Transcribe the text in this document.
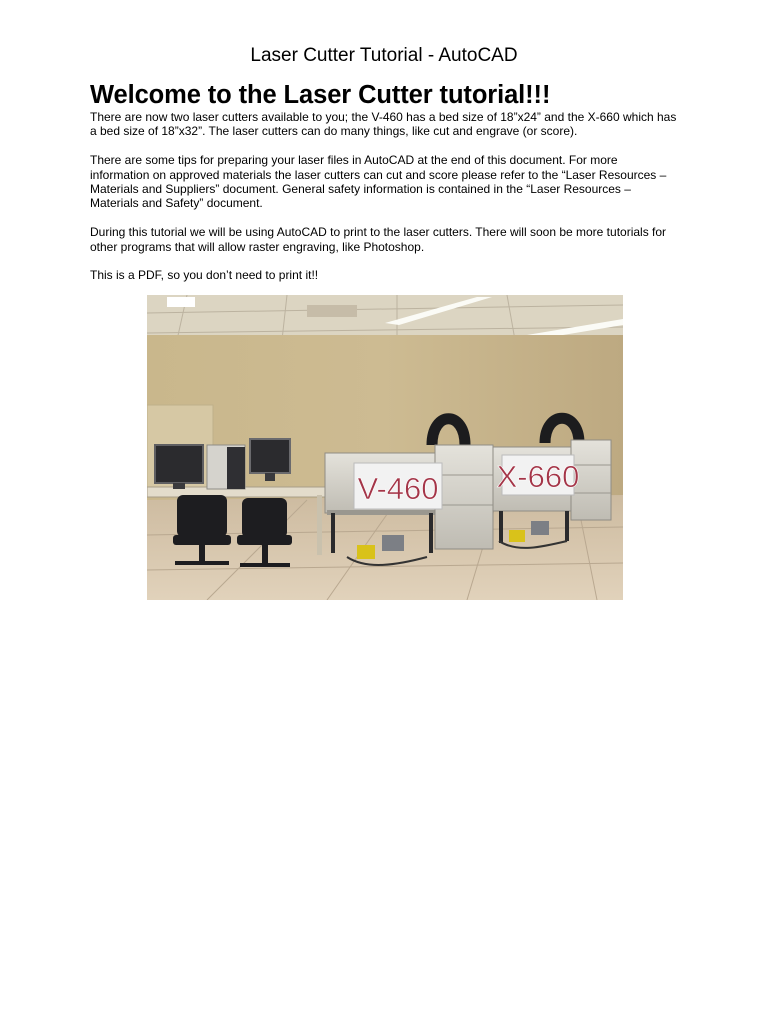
Laser Cutter Tutorial - AutoCAD
Welcome to the Laser Cutter tutorial!!!

There are now two laser cutters available to you; the V-460 has a bed size of 18”x24” and the X-660 which has a bed size of 18”x32”. The laser cutters can do many things, like cut and engrave (or score).

There are some tips for preparing your laser files in AutoCAD at the end of this document. For more information on approved materials the laser cutters can cut and score please refer to the “Laser Resources – Materials and Suppliers” document. General safety information is contained in the “Laser Resources – Materials and Safety” document.

During this tutorial we will be using AutoCAD to print to the laser cutters. There will soon be more tutorials for other programs that will allow raster engraving, like Photoshop.

This is a PDF, so you don’t need to print it!!

V-460 X-660
